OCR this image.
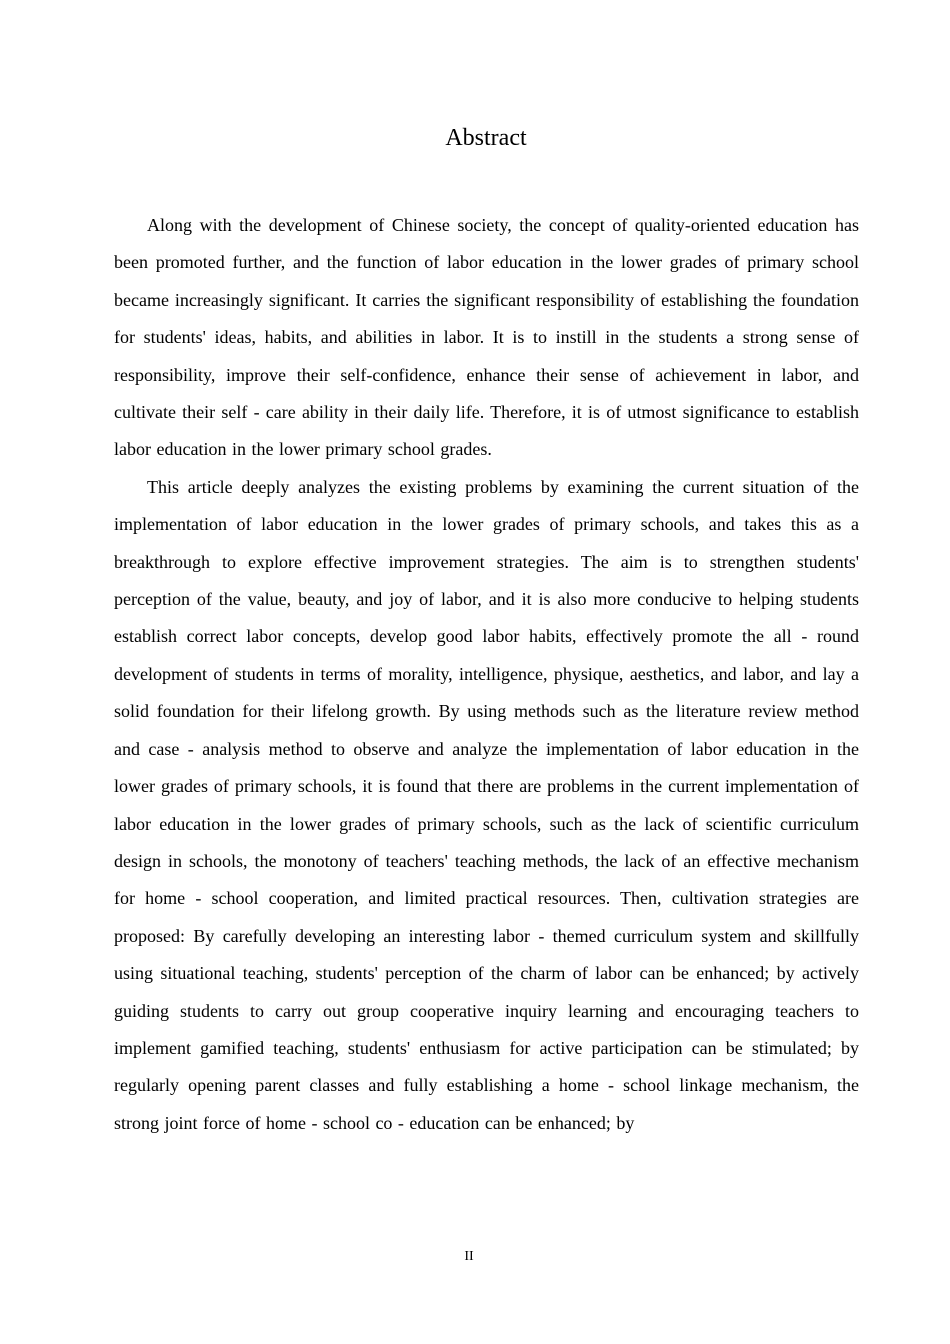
Abstract

Along with the development of Chinese society, the concept of quality-oriented education has been promoted further, and the function of labor education in the lower grades of primary school became increasingly significant. It carries the significant responsibility of establishing the foundation for students' ideas, habits, and abilities in labor. It is to instill in the students a strong sense of responsibility, improve their self-confidence, enhance their sense of achievement in labor, and cultivate their self - care ability in their daily life. Therefore, it is of utmost significance to establish labor education in the lower primary school grades.

This article deeply analyzes the existing problems by examining the current situation of the implementation of labor education in the lower grades of primary schools, and takes this as a breakthrough to explore effective improvement strategies. The aim is to strengthen students' perception of the value, beauty, and joy of labor, and it is also more conducive to helping students establish correct labor concepts, develop good labor habits, effectively promote the all - round development of students in terms of morality, intelligence, physique, aesthetics, and labor, and lay a solid foundation for their lifelong growth. By using methods such as the literature review method and case - analysis method to observe and analyze the implementation of labor education in the lower grades of primary schools, it is found that there are problems in the current implementation of labor education in the lower grades of primary schools, such as the lack of scientific curriculum design in schools, the monotony of teachers' teaching methods, the lack of an effective mechanism for home - school cooperation, and limited practical resources. Then, cultivation strategies are proposed: By carefully developing an interesting labor - themed curriculum system and skillfully using situational teaching, students' perception of the charm of labor can be enhanced; by actively guiding students to carry out group cooperative inquiry learning and encouraging teachers to implement gamified teaching, students' enthusiasm for active participation can be stimulated; by regularly opening parent classes and fully establishing a home - school linkage mechanism, the strong joint force of home - school co - education can be enhanced; by

II
